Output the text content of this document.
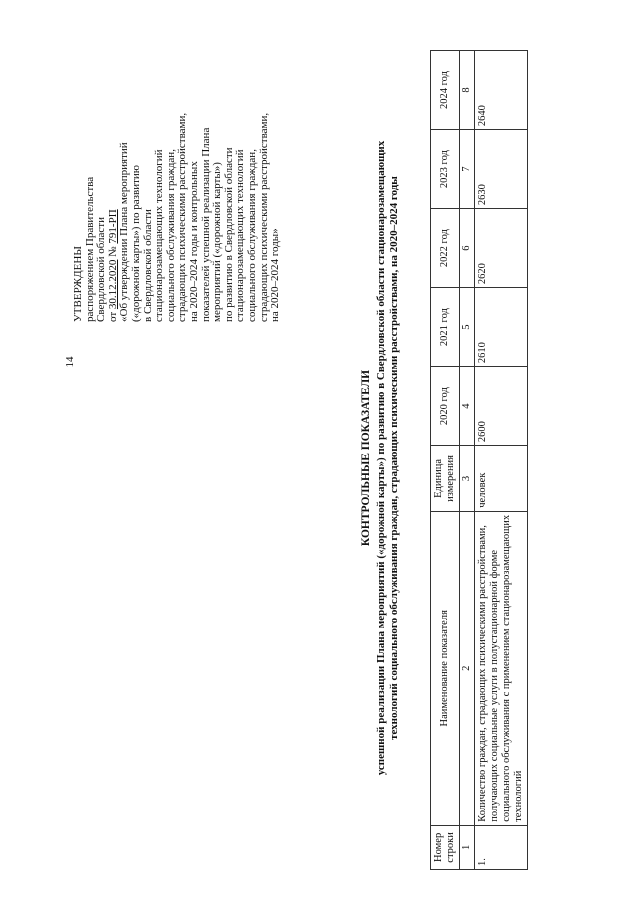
14
УТВЕРЖДЕНЫ распоряжением Правительства Свердловской области от 30.12.2020 № 791-РП «Об утверждении Плана мероприятий («дорожной карты») по развитию в Свердловской области стационарозамещающих технологий социального обслуживания граждан, страдающих психическими расстройствами, на 2020–2024 годы и контрольных показателей успешной реализации Плана мероприятий («дорожной карты») по развитию в Свердловской области стационарозамещающих технологий социального обслуживания граждан, страдающих психическими расстройствами, на 2020–2024 годы»
КОНТРОЛЬНЫЕ ПОКАЗАТЕЛИ успешной реализации Плана мероприятий («дорожной карты») по развитию в Свердловской области стационарозамещающих технологий социального обслуживания граждан, страдающих психическими расстройствами, на 2020–2024 годы
Номер строки	Наименование показателя	Единица измерения	2020 год	2021 год	2022 год	2023 год	2024 год
1	2	3	4	5	6	7	8
1.	Количество граждан, страдающих психическими расстройствами, получающих социальные услуги в полустационарной форме социального обслуживания с применением стационарозамещающих технологий	человек	2600	2610	2620	2630	2640
